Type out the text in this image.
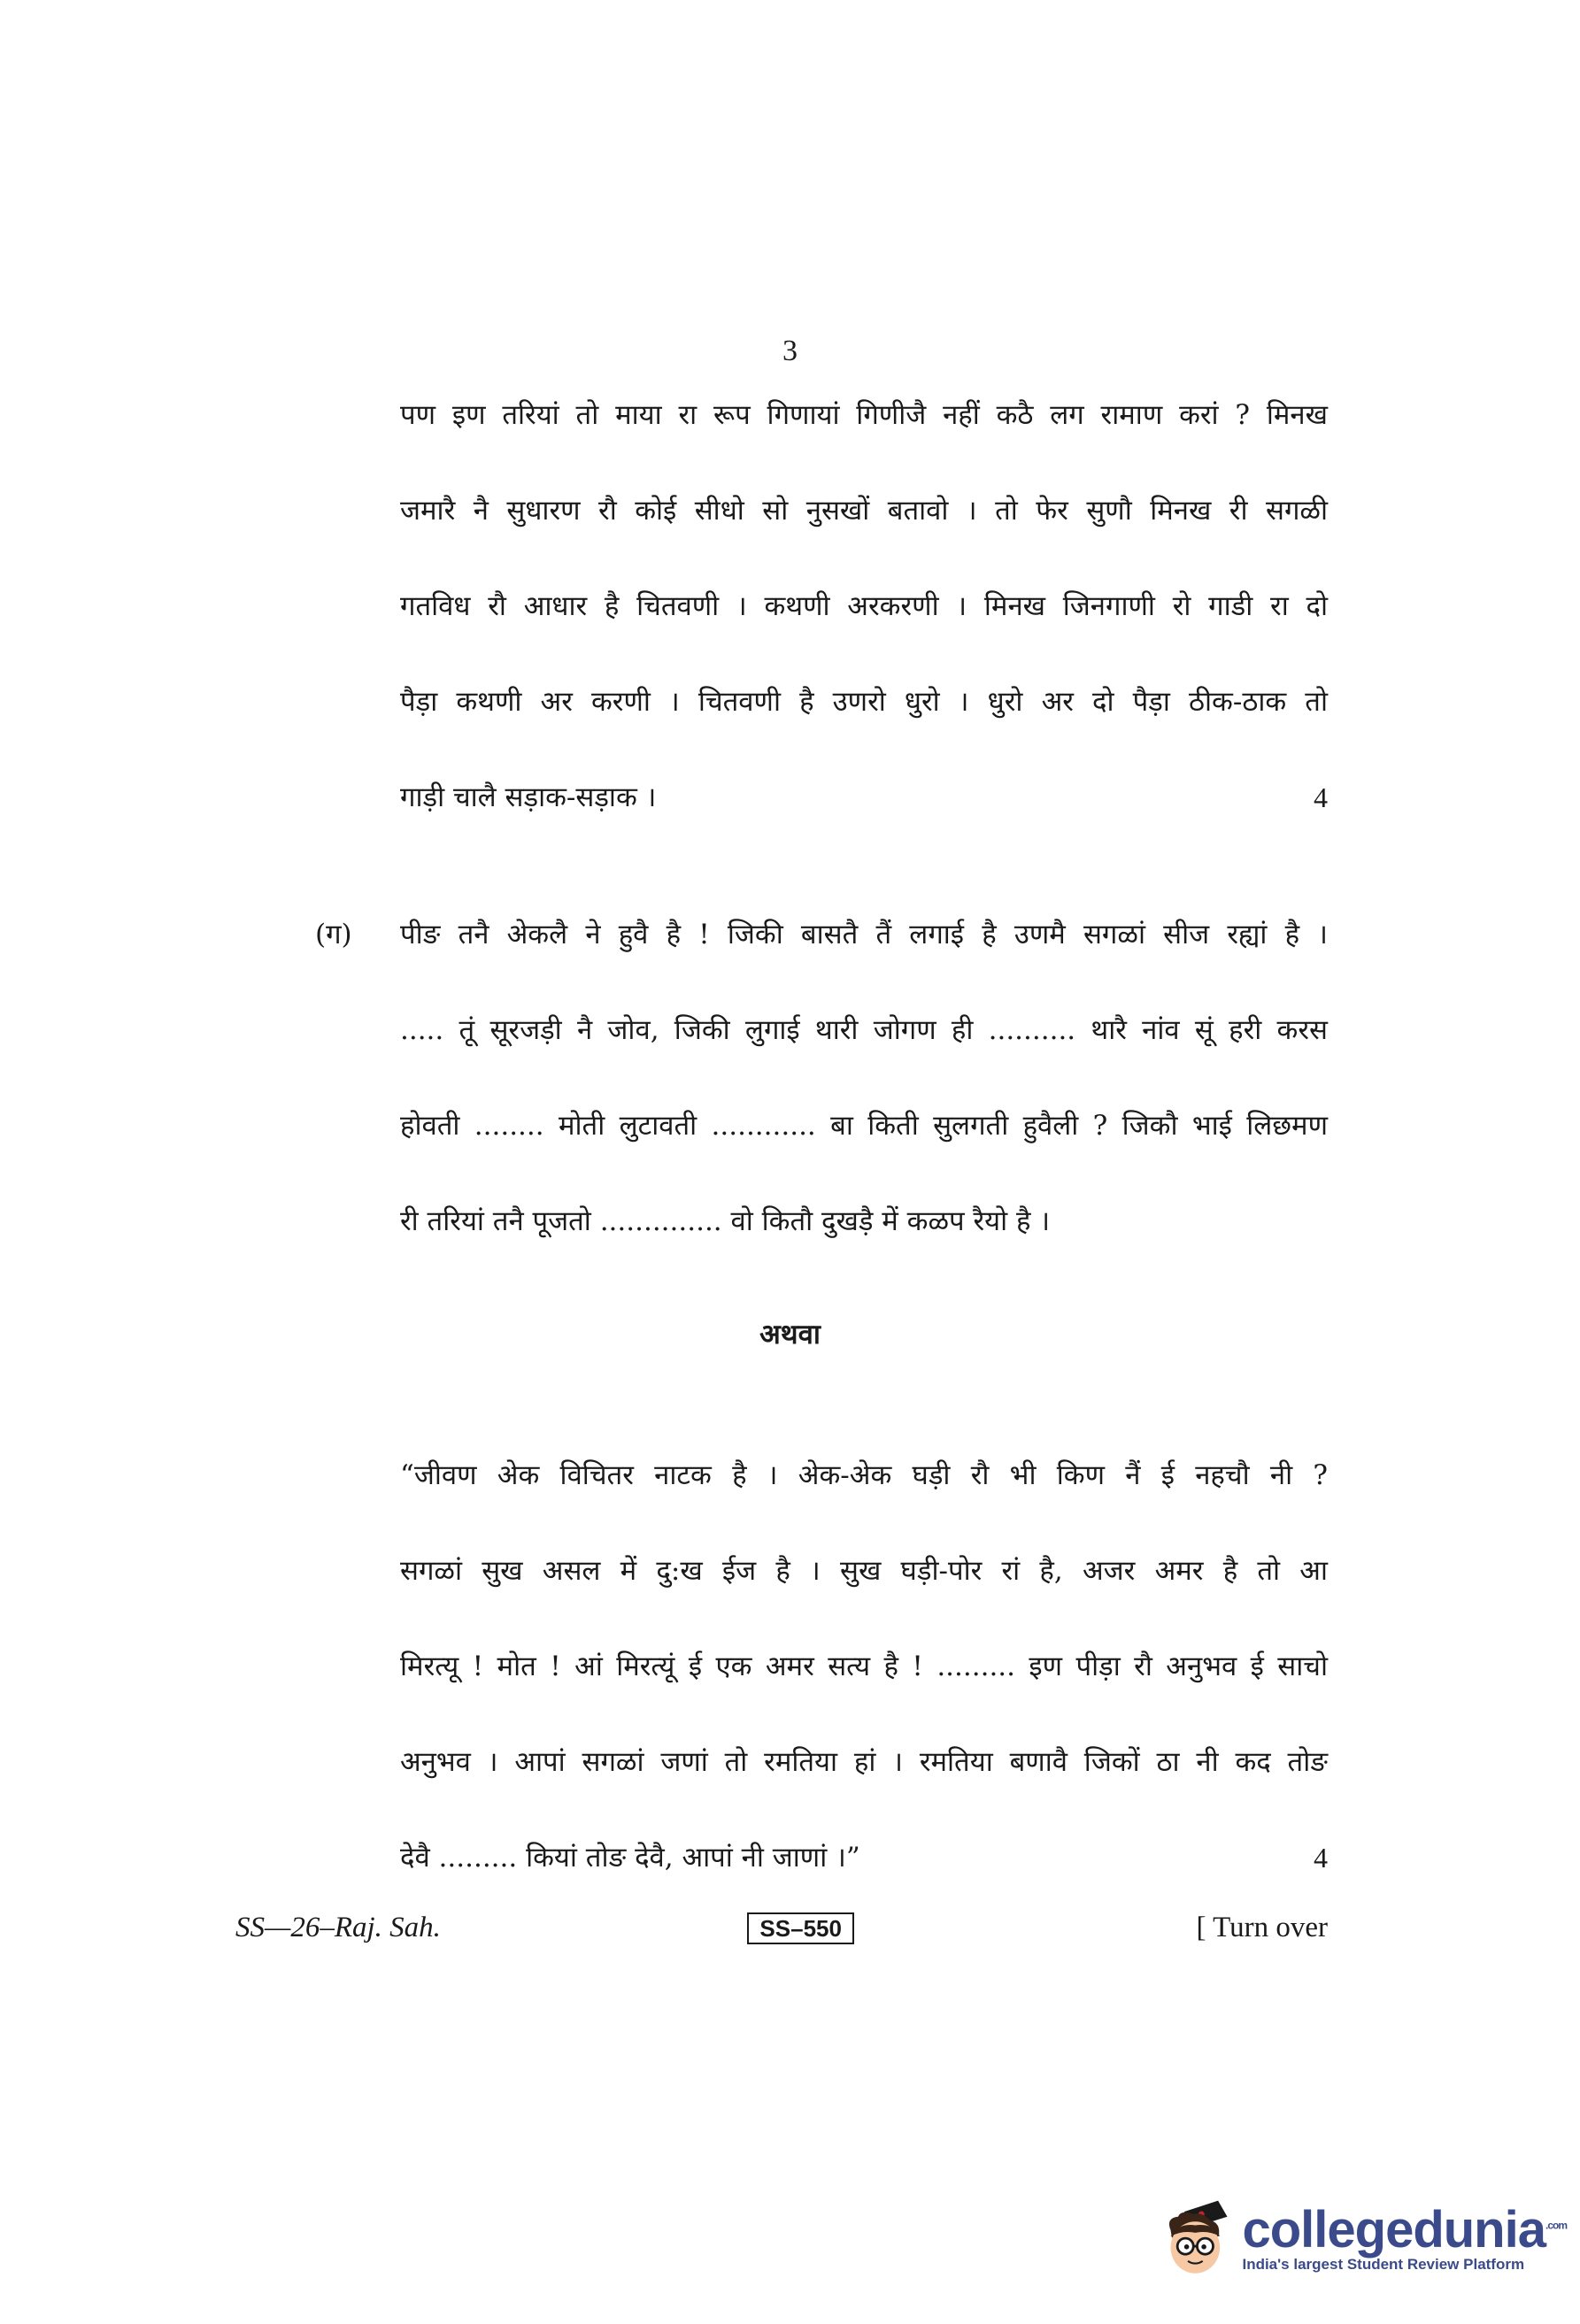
3
पण इण तरियां तो माया रा रूप गिणायां गिणीजै नहीं कठै लग रामाण करां ? मिनख
जमारै नै सुधारण रौ कोई सीधो सो नुसखों बतावो । तो फेर सुणौ मिनख री सगळी
गतविध रौ आधार है चितवणी । कथणी अरकरणी । मिनख जिनगाणी रो गाडी रा दो
पैड़ा कथणी अर करणी । चितवणी है उणरो धुरो । धुरो अर दो पैड़ा ठीक-ठाक तो
गाड़ी चालै सड़ाक-सड़ाक ।	4
(ग) पीङ तनै अेकलै ने हुवै है ! जिकी बासतै तैं लगाई है उणमै सगळां सीज रह्यां है ।
..... तूं सूरजड़ी नै जोव, जिकी लुगाई थारी जोगण ही .......... थारै नांव सूं हरी करस
होवती ........ मोती लुटावती ............ बा किती सुलगती हुवैली ? जिकौ भाई लिछमण
री तरियां तनै पूजतो .............. वो कितौ दुखड़ै में कळप रैयो है ।
अथवा
“जीवण अेक विचितर नाटक है । अेक-अेक घड़ी रौ भी किण नैं ई नहचौ नी ?
सगळां सुख असल में दु:ख ईज है । सुख घड़ी-पोर रां है, अजर अमर है तो आ
मिरत्यू ! मोत ! आं मिरत्यूं ई एक अमर सत्य है ! ......... इण पीड़ा रौ अनुभव ई साचो
अनुभव । आपां सगळां जणां तो रमतिया हां । रमतिया बणावै जिकों ठा नी कद तोङ
देवै ......... कियां तोङ देवै, आपां नी जाणां ।”	4
SS—26–Raj. Sah.	SS–550	[ Turn over
collegedunia$^{.com}$
India's largest Student Review Platform
